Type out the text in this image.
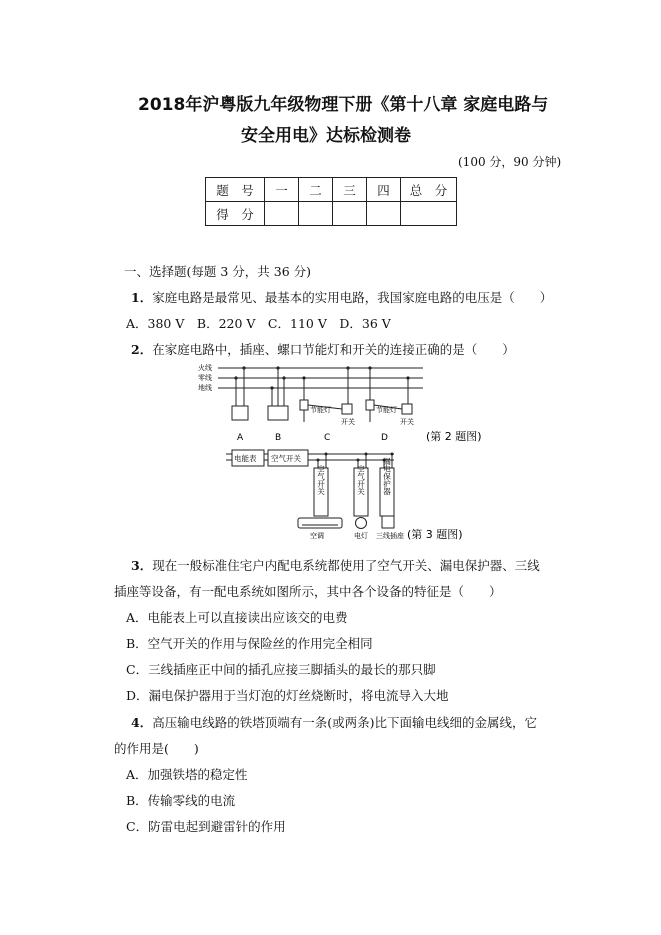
2018年沪粤版九年级物理下册《第十八章 家庭电路与
安全用电》达标检测卷
(100 分，90 分钟)
题　号	一	二	三	四	总　分
得　分					
一、选择题(每题 3 分，共 36 分)
1．家庭电路是最常见、最基本的实用电路，我国家庭电路的电压是（　　）
A．380 V　B．220 V　C．110 V　D．36 V
2．在家庭电路中，插座、螺口节能灯和开关的连接正确的是（　　）
火线
零线
地线
节能灯
开关
节能灯
开关
A	B	C	D	(第 2 题图)
电能表 空气开关
空气开关	空气开关 漏电保护器
空调	电灯 三线插座 (第 3 题图)
3．现在一般标准住宅户内配电系统都使用了空气开关、漏电保护器、三线
插座等设备，有一配电系统如图所示，其中各个设备的特征是（　　）
A．电能表上可以直接读出应该交的电费
B．空气开关的作用与保险丝的作用完全相同
C．三线插座正中间的插孔应接三脚插头的最长的那只脚
D．漏电保护器用于当灯泡的灯丝烧断时，将电流导入大地
4．高压输电线路的铁塔顶端有一条(或两条)比下面输电线细的金属线，它
的作用是(　　)
A．加强铁塔的稳定性
B．传输零线的电流
C．防雷电起到避雷针的作用
